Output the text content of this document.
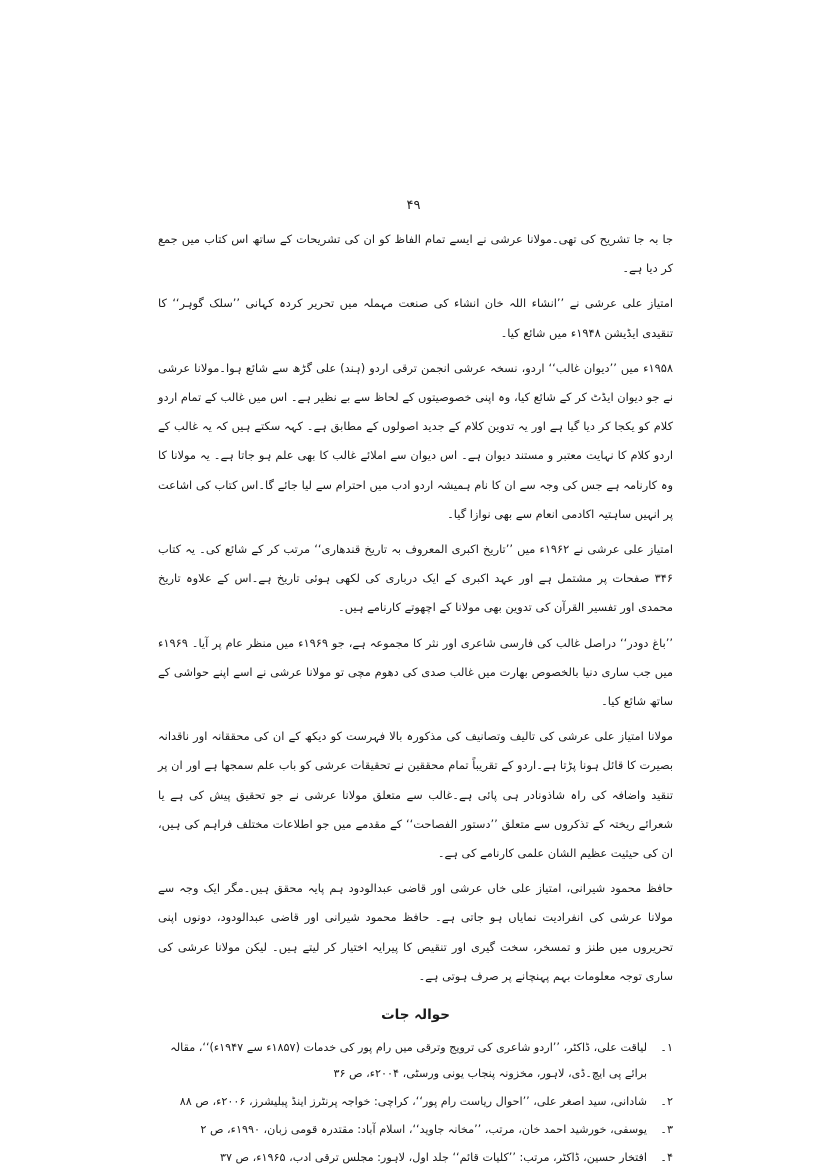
۴۹

جا بہ جا تشریح کی تھی۔مولانا عرشی نے ایسے تمام الفاظ کو ان کی تشریحات کے ساتھ اس کتاب میں جمع کر دیا ہے۔

امتیاز علی عرشی نے ’’انشاء اللہ خان انشاء کی صنعت مہملہ میں تحریر کردہ کہانی ’’سلک گوہر‘‘ کا تنقیدی ایڈیشن ۱۹۴۸ء میں شائع کیا۔

۱۹۵۸ء میں ’’دیوان غالب‘‘ اردو، نسخہ عرشی انجمن ترقی اردو (ہند) علی گڑھ سے شائع ہوا۔مولانا عرشی نے جو دیوان ایڈٹ کر کے شائع کیا، وہ اپنی خصوصیتوں کے لحاظ سے بے نظیر ہے۔ اس میں غالب کے تمام اردو کلام کو یکجا کر دیا گیا ہے اور یہ تدوین کلام کے جدید اصولوں کے مطابق ہے۔ کہہ سکتے ہیں کہ یہ غالب کے اردو کلام کا نہایت معتبر و مستند دیوان ہے۔ اس دیوان سے املائے غالب کا بھی علم ہو جاتا ہے۔ یہ مولانا کا وہ کارنامہ ہے جس کی وجہ سے ان کا نام ہمیشہ اردو ادب میں احترام سے لیا جائے گا۔اس کتاب کی اشاعت پر انہیں ساہتیہ اکادمی انعام سے بھی نوازا گیا۔

امتیاز علی عرشی نے ۱۹۶۲ء میں ’’تاریخ اکبری المعروف بہ تاریخ قندھاری‘‘ مرتب کر کے شائع کی۔ یہ کتاب ۳۴۶ صفحات پر مشتمل ہے اور عہد اکبری کے ایک درباری کی لکھی ہوئی تاریخ ہے۔اس کے علاوہ تاریخ محمدی اور تفسیر القرآن کی تدوین بھی مولانا کے اچھوتے کارنامے ہیں۔

’’باغ دودر‘‘ دراصل غالب کی فارسی شاعری اور نثر کا مجموعہ ہے، جو ۱۹۶۹ء میں منظر عام پر آیا۔ ۱۹۶۹ء میں جب ساری دنیا بالخصوص بھارت میں غالب صدی کی دھوم مچی تو مولانا عرشی نے اسے اپنے حواشی کے ساتھ شائع کیا۔

مولانا امتیاز علی عرشی کی تالیف وتصانیف کی مذکورہ بالا فہرست کو دیکھ کے ان کی محققانہ اور ناقدانہ بصیرت کا قائل ہونا پڑتا ہے۔اردو کے تقریباً تمام محققین نے تحقیقات عرشی کو باب علم سمجھا ہے اور ان پر تنقید واضافہ کی راہ شاذونادر ہی پائی ہے۔غالب سے متعلق مولانا عرشی نے جو تحقیق پیش کی ہے یا شعرائے ریختہ کے تذکروں سے متعلق ’’دستور الفصاحت‘‘ کے مقدمے میں جو اطلاعات مختلف فراہم کی ہیں، ان کی حیثیت عظیم الشان علمی کارنامے کی ہے۔

حافظ محمود شیرانی، امتیاز علی خاں عرشی اور قاضی عبدالودود ہم پایہ محقق ہیں۔مگر ایک وجہ سے مولانا عرشی کی انفرادیت نمایاں ہو جاتی ہے۔ حافظ محمود شیرانی اور قاضی عبدالودود، دونوں اپنی تحریروں میں طنز و تمسخر، سخت گیری اور تنقیص کا پیرایہ اختیار کر لیتے ہیں۔ لیکن مولانا عرشی کی ساری توجہ معلومات بہم پہنچانے پر صرف ہوتی ہے۔

حوالہ جات
۱۔
لیاقت علی، ڈاکٹر، ’’اردو شاعری کی ترویج وترقی میں رام پور کی خدمات (۱۸۵۷ء سے ۱۹۴۷ء)‘‘، مقالہ برائے پی ایچ۔ڈی، لاہور، مخزونہ پنجاب یونی ورسٹی، ۲۰۰۴ء، ص ۳۶
۲۔
شادانی، سید اصغر علی، ’’احوال ریاست رام پور‘‘، کراچی: خواجہ پرنٹرز اینڈ پبلیشرز، ۲۰۰۶ء، ص ۸۸
۳۔
یوسفی، خورشید احمد خان، مرتب، ’’مخانہ جاوید‘‘، اسلام آباد: مقتدرہ قومی زبان، ۱۹۹۰ء، ص ۲
۴۔
افتخار حسین، ڈاکٹر، مرتب: ’’کلیات قائم‘‘ جلد اول، لاہور: مجلس ترقی ادب، ۱۹۶۵ء، ص ۳۷
